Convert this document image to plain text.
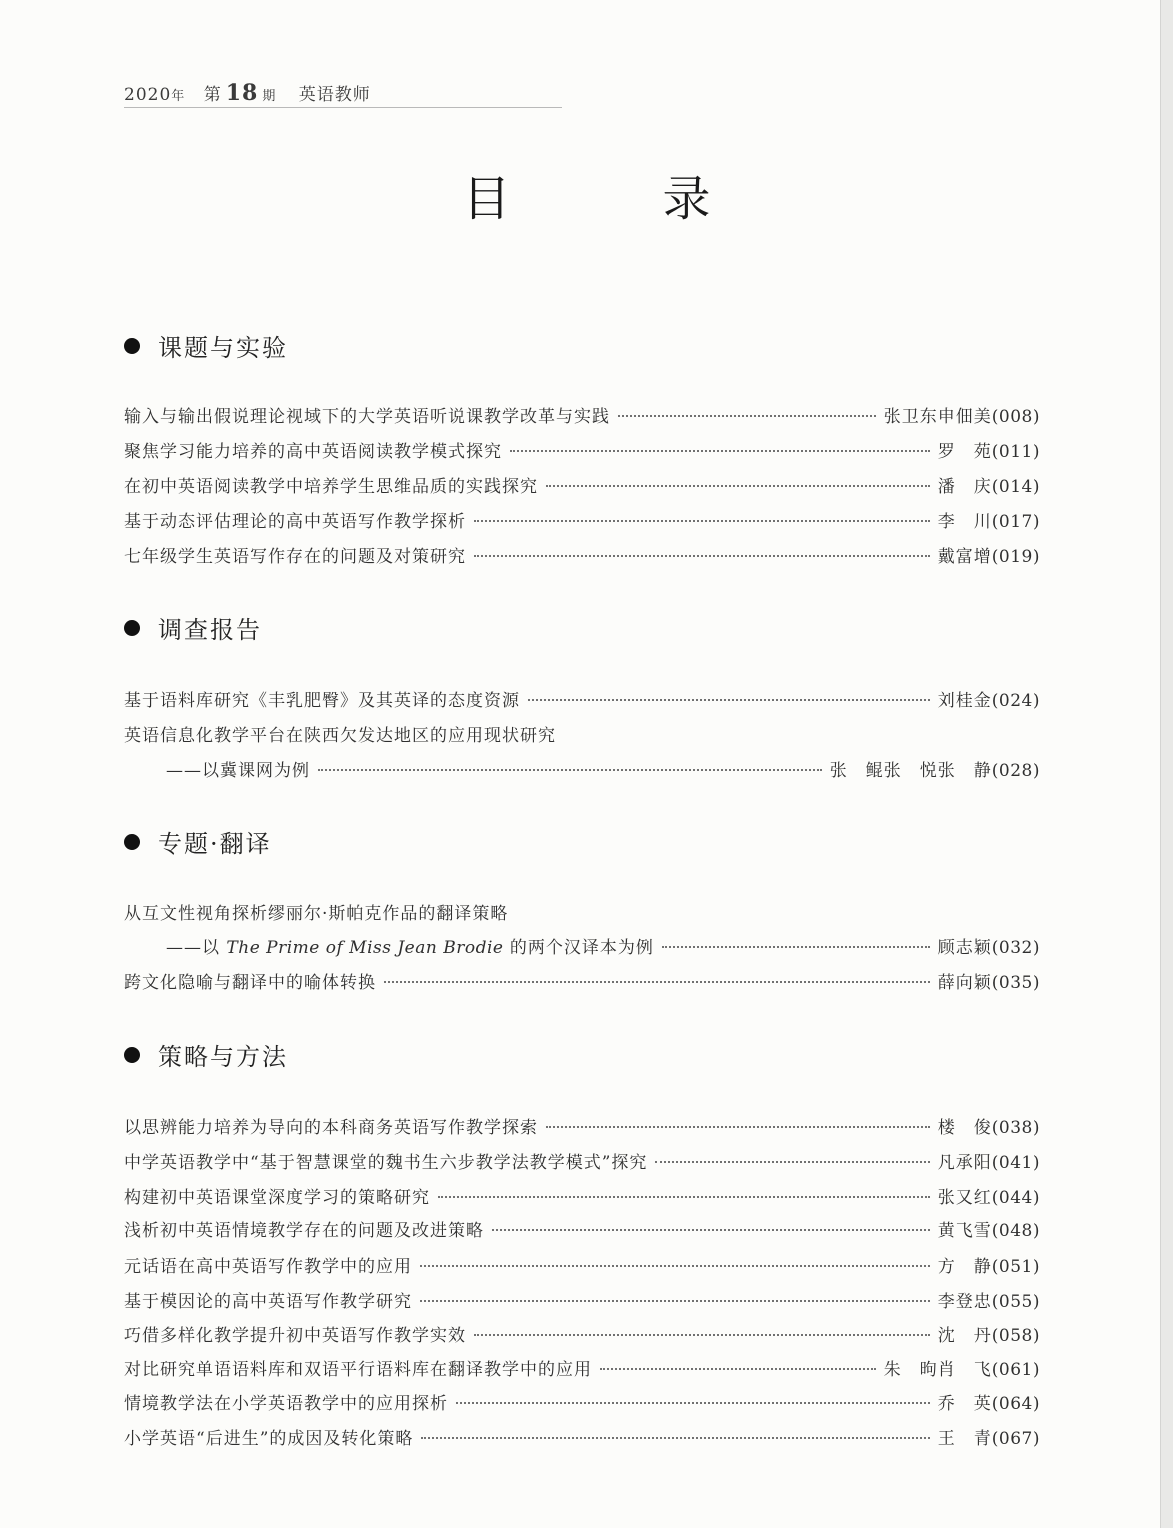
2020年 第 18 期 英语教师
目　录
课题与实验
输入与输出假说理论视域下的大学英语听说课教学改革与实践	张卫东 申佃美 (008)
聚焦学习能力培养的高中英语阅读教学模式探究	罗　苑 (011)
在初中英语阅读教学中培养学生思维品质的实践探究	潘　庆 (014)
基于动态评估理论的高中英语写作教学探析	李　川 (017)
七年级学生英语写作存在的问题及对策研究	戴富增 (019)
调查报告
基于语料库研究《丰乳肥臀》及其英译的态度资源	刘桂金 (024)
英语信息化教学平台在陕西欠发达地区的应用现状研究
——以冀课网为例	张　鲲 张　悦 张　静 (028)
专题·翻译
从互文性视角探析缪丽尔·斯帕克作品的翻译策略
——以 The Prime of Miss Jean Brodie 的两个汉译本为例	顾志颖 (032)
跨文化隐喻与翻译中的喻体转换	薛向颖 (035)
策略与方法
以思辨能力培养为导向的本科商务英语写作教学探索	楼　俊 (038)
中学英语教学中“基于智慧课堂的魏书生六步教学法教学模式”探究	凡承阳 (041)
构建初中英语课堂深度学习的策略研究	张又红 (044)
浅析初中英语情境教学存在的问题及改进策略	黄飞雪 (048)
元话语在高中英语写作教学中的应用	方　静 (051)
基于模因论的高中英语写作教学研究	李登忠 (055)
巧借多样化教学提升初中英语写作教学实效	沈　丹 (058)
对比研究单语语料库和双语平行语料库在翻译教学中的应用	朱　昫 肖　飞 (061)
情境教学法在小学英语教学中的应用探析	乔　英 (064)
小学英语“后进生”的成因及转化策略	王　青 (067)
